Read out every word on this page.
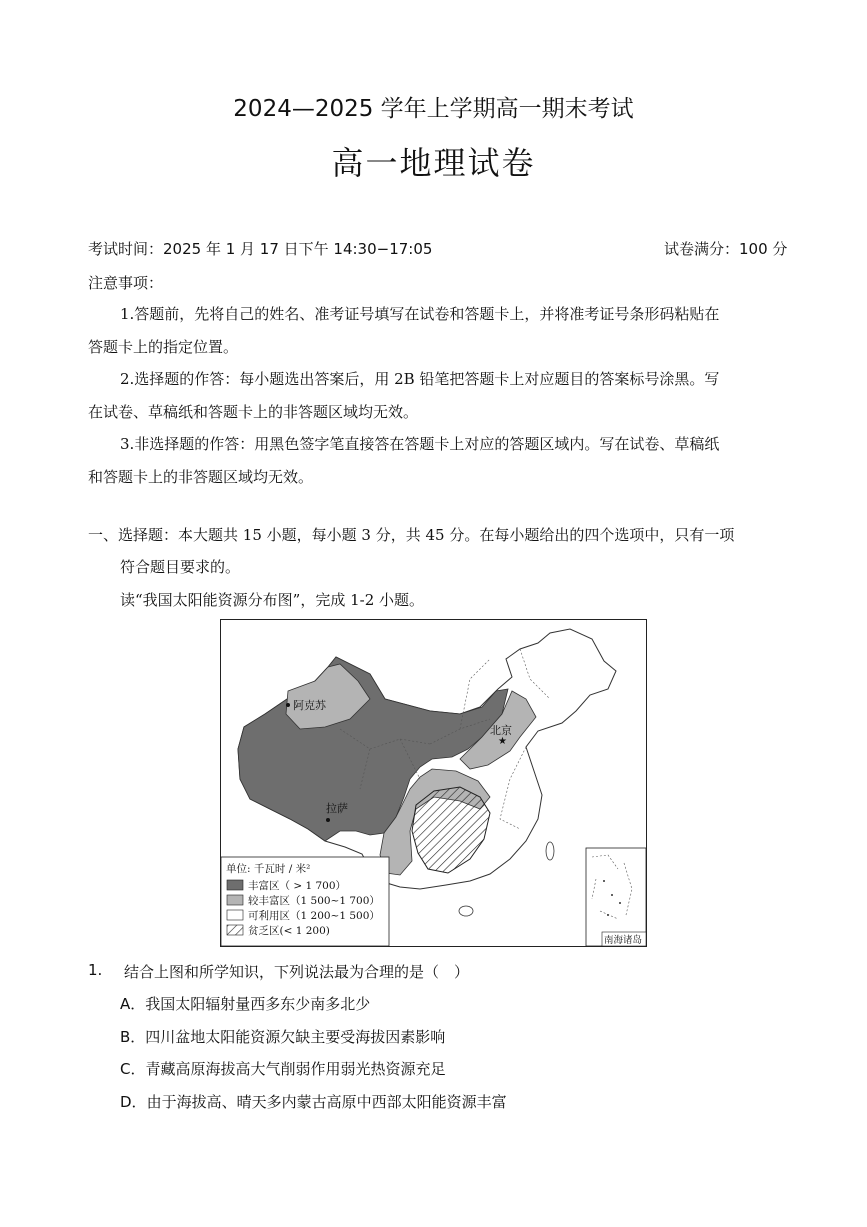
2024—2025 学年上学期高一期末考试
高一地理试卷
考试时间：2025 年 1 月 17 日下午 14:30−17:05	试卷满分：100 分
注意事项：
1.答题前，先将自己的姓名、准考证号填写在试卷和答题卡上，并将准考证号条形码粘贴在
答题卡上的指定位置。
2.选择题的作答：每小题选出答案后，用 2B 铅笔把答题卡上对应题目的答案标号涂黑。写
在试卷、草稿纸和答题卡上的非答题区域均无效。
3.非选择题的作答：用黑色签字笔直接答在答题卡上对应的答题区域内。写在试卷、草稿纸
和答题卡上的非答题区域均无效。
一、选择题：本大题共 15 小题，每小题 3 分，共 45 分。在每小题给出的四个选项中，只有一项
符合题目要求的。
读“我国太阳能资源分布图”，完成 1-2 小题。
阿克苏
★
北京
拉萨
南海诸岛
单位: 千瓦时 / 米²
丰富区（ > 1 700）
较丰富区（1 500~1 700）
可利用区（1 200~1 500）
贫乏区(< 1 200)
1. 结合上图和所学知识，下列说法最为合理的是（　）
A．我国太阳辐射量西多东少南多北少
B．四川盆地太阳能资源欠缺主要受海拔因素影响
C．青藏高原海拔高大气削弱作用弱光热资源充足
D．由于海拔高、晴天多内蒙古高原中西部太阳能资源丰富
